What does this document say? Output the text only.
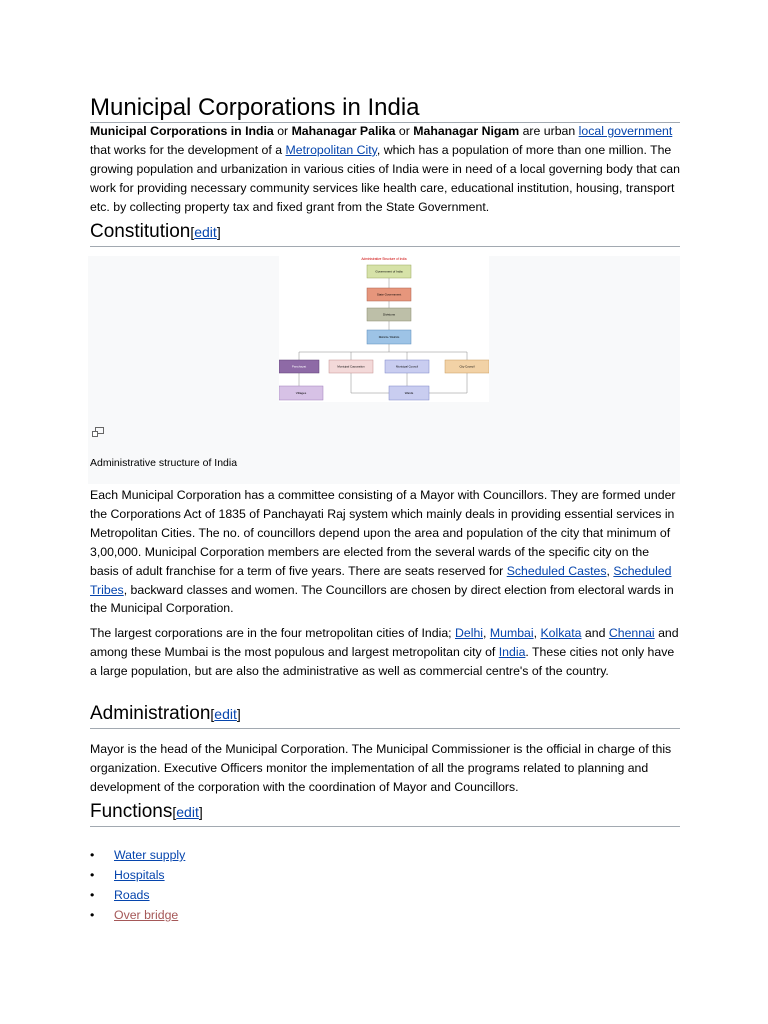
Municipal Corporations in India

Municipal Corporations in India or Mahanagar Palika or Mahanagar Nigam are urban local government that works for the development of a Metropolitan City, which has a population of more than one million. The growing population and urbanization in various cities of India were in need of a local governing body that can work for providing necessary community services like health care, educational institution, housing, transport etc. by collecting property tax and fixed grant from the State Government.

Constitution[edit]
Administrative Structure of India
Government of India
State Government
Divisions
Districts / Districts
Panchayat	Municipal Corporation	Municipal Council	City Council
Villages	Wards
Administrative structure of India

Each Municipal Corporation has a committee consisting of a Mayor with Councillors. They are formed under the Corporations Act of 1835 of Panchayati Raj system which mainly deals in providing essential services in Metropolitan Cities. The no. of councillors depend upon the area and population of the city that minimum of 3,00,000. Municipal Corporation members are elected from the several wards of the specific city on the basis of adult franchise for a term of five years. There are seats reserved for Scheduled Castes, Scheduled Tribes, backward classes and women. The Councillors are chosen by direct election from electoral wards in the Municipal Corporation.

The largest corporations are in the four metropolitan cities of India; Delhi, Mumbai, Kolkata and Chennai and among these Mumbai is the most populous and largest metropolitan city of India. These cities not only have a large population, but are also the administrative as well as commercial centre's of the country.

Administration[edit]

Mayor is the head of the Municipal Corporation. The Municipal Commissioner is the official in charge of this organization. Executive Officers monitor the implementation of all the programs related to planning and development of the corporation with the coordination of Mayor and Councillors.

Functions[edit]
• Water supply
• Hospitals
• Roads
• Over bridge
